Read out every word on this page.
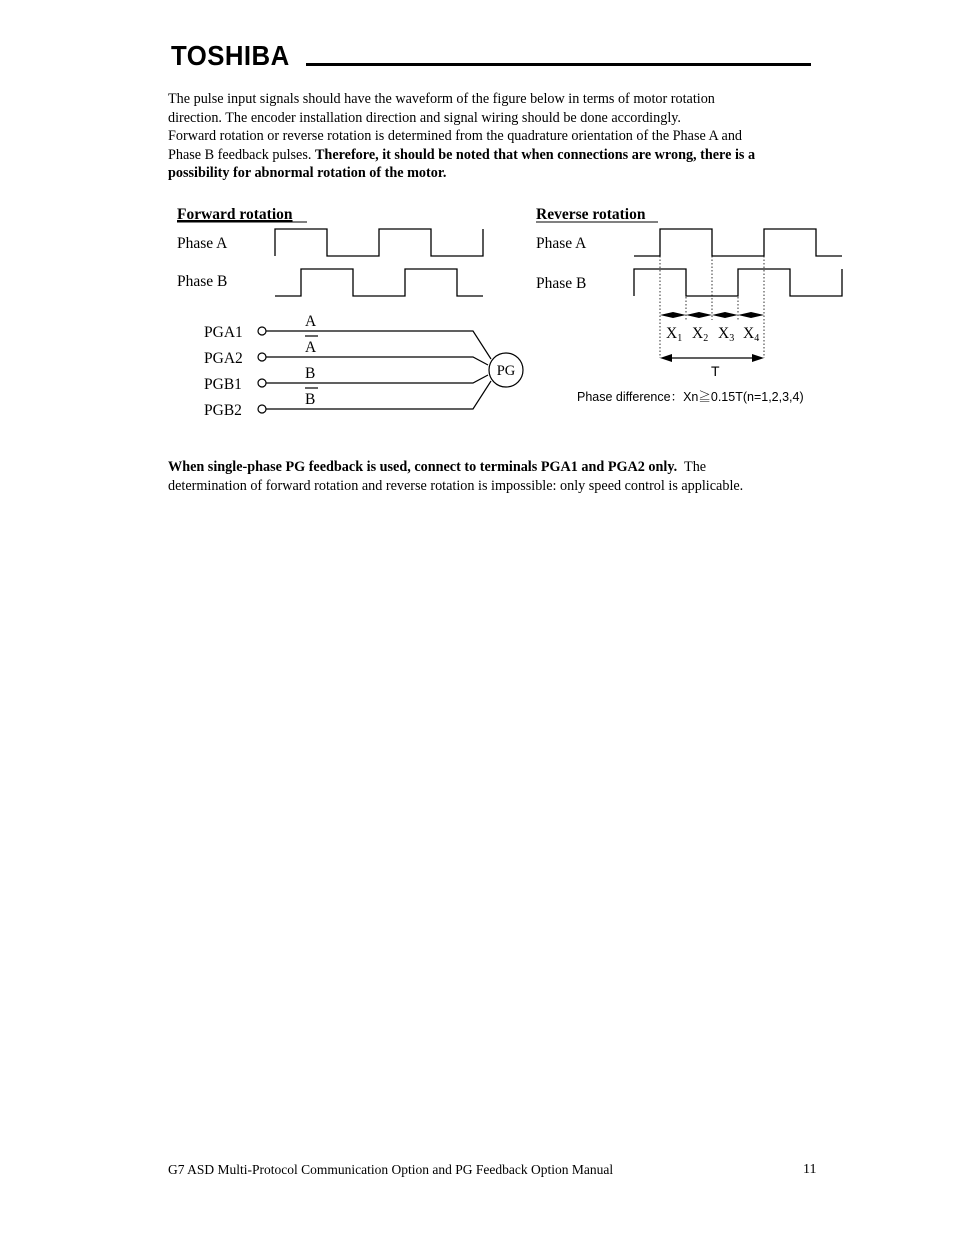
TOSHIBA
The pulse input signals should have the waveform of the figure below in terms of motor rotation
direction. The encoder installation direction and signal wiring should be done accordingly.
Forward rotation or reverse rotation is determined from the quadrature orientation of the Phase A and
Phase B feedback pulses. Therefore, it should be noted that when connections are wrong, there is a
possibility for abnormal rotation of the motor.
Forward rotation
Phase A
Phase B
Reverse rotation
Phase A
Phase B
X1 X2 X3 X4
T
Phase difference：Xn≧0.15T(n=1,2,3,4)
PGA1
PGA2
PGB1
PGB2
A
A
B
B
PG
When single-phase PG feedback is used, connect to terminals PGA1 and PGA2 only.  The
determination of forward rotation and reverse rotation is impossible: only speed control is applicable.
G7 ASD Multi-Protocol Communication Option and PG Feedback Option Manual	11
